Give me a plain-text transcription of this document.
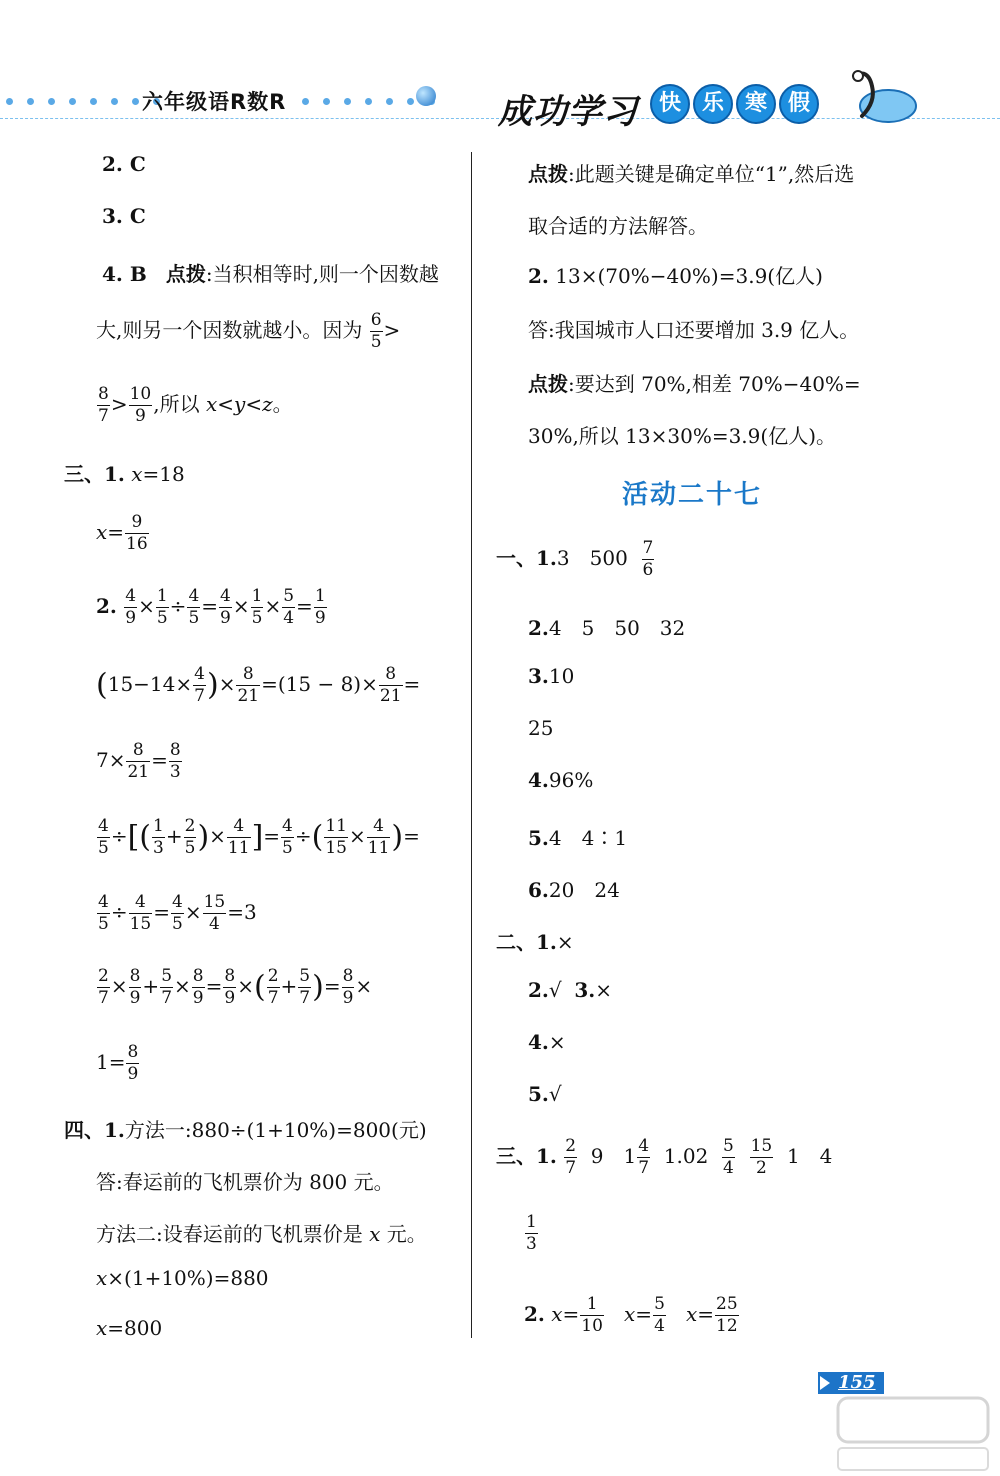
六年级语R数R	成功学习 快 乐 寒 假
2. C
3. C
4. B 点拨:当积相等时,则一个因数越
大,则另一个因数就越小。因为 $\frac{6}{5}$ >
$\frac{8}{7} > \frac{10}{9}$ ,所以 x<y<z。
三、1. x=18
$x= \frac{9}{16}$
2. $\frac{4}{9} \times \frac{1}{5} \div \frac{4}{5} = \frac{4}{9} \times \frac{1}{5} \times \frac{5}{4} = \frac{1}{9}$
($15-14\times \frac{4}{7}$ )× $\frac{8}{21} =(15 - 8)\times \frac{8}{21}$ =
$7\times \frac{8}{21} = \frac{8}{3}$
$\frac{4}{5}$ ÷[( $\frac{1}{3} + \frac{2}{5}$ )× $\frac{4}{11}$ ]= $\frac{4}{5}$ ÷( $\frac{11}{15} \times \frac{4}{11}$ )=
$\frac{4}{5} \div \frac{4}{15} = \frac{4}{5} \times \frac{15}{4} =3$
$\frac{2}{7} \times \frac{8}{9} + \frac{5}{7} \times \frac{8}{9} = \frac{8}{9}$ ×( $\frac{2}{7} + \frac{5}{7}$ )= $\frac{8}{9}$ ×
$1= \frac{8}{9}$
四、1.方法一:880÷(1+10%)=800(元)
答:春运前的飞机票价为 800 元。
方法二:设春运前的飞机票价是 x 元。
x×(1+10%)=880
x=800
点拨:此题关键是确定单位“1”,然后选
取合适的方法解答。
2. 13×(70%−40%)=3.9(亿人)
答:我国城市人口还要增加 3.9 亿人。
点拨:要达到 70%,相差 70%−40%=
30%,所以 13×30%=3.9(亿人)。
活动二十七
一、1.3　$500 \frac{7}{6}$
2.4　5　50　32
3.10
25
4.96%
5.4　4∶1
6.20　24
二、1.×
2.√ 3.×
4.×
5.√
三、1. $\frac{2}{7} 9$　$1 \frac{4}{7} 1.02 \frac{5}{4}$
$\frac{15}{2} 1$　4
$\frac{1}{3}$
2. $x= \frac{1}{10} x= \frac{5}{4} x= \frac{25}{12}$
155
